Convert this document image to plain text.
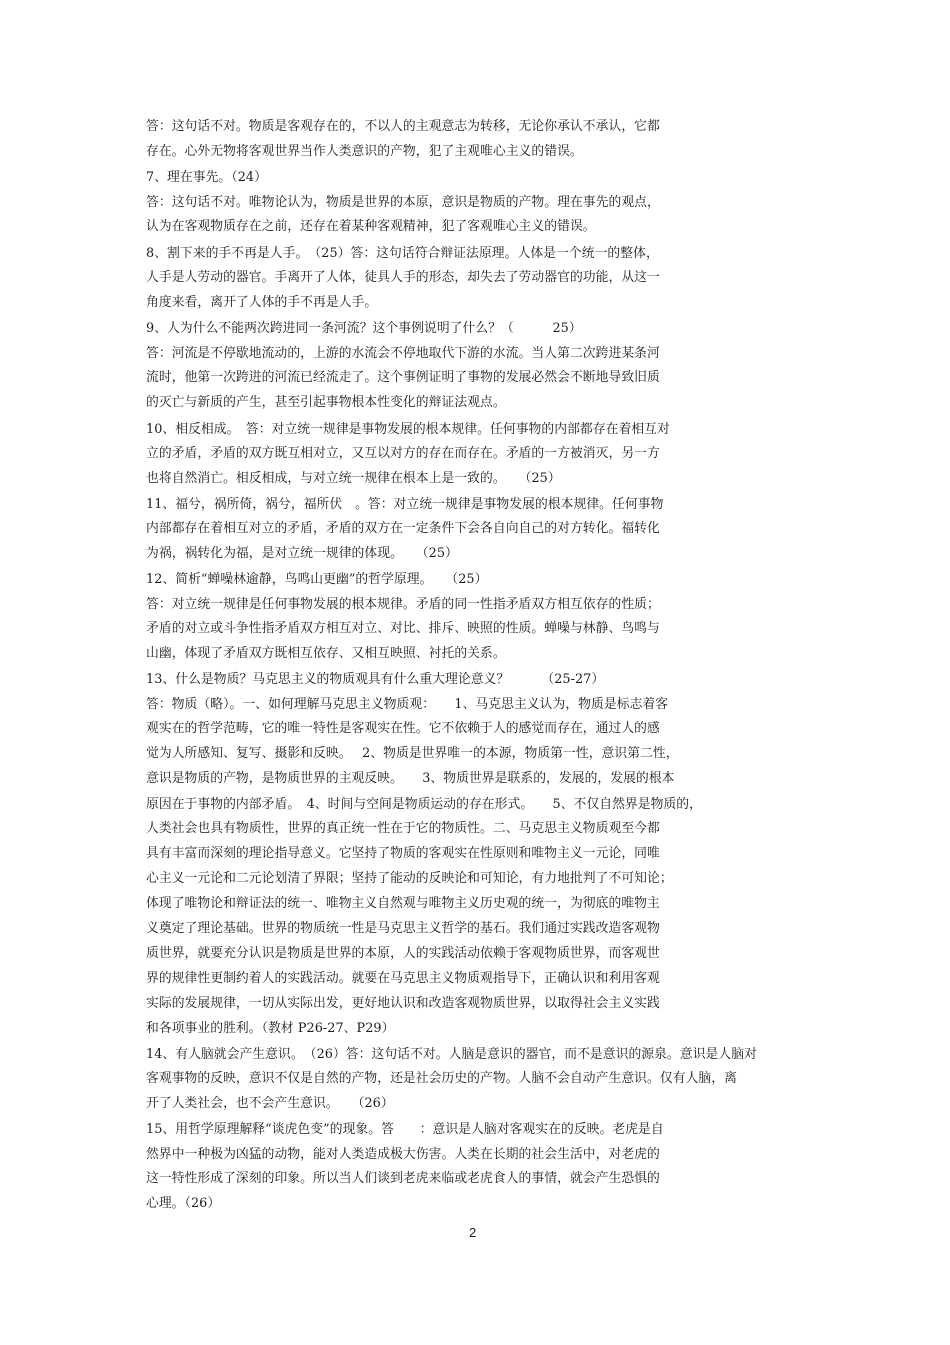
答：这句话不对。物质是客观存在的，不以人的主观意志为转移，无论你承认不承认，它都
存在。心外无物将客观世界当作人类意识的产物，犯了主观唯心主义的错误。
7、理在事先。（24）
答：这句话不对。唯物论认为，物质是世界的本原，意识是物质的产物。理在事先的观点，
认为在客观物质存在之前，还存在着某种客观精神，犯了客观唯心主义的错误。
8、割下来的手不再是人手。　（25）答：这句话符合辩证法原理。人体是一个统一的整体，
人手是人劳动的器官。手离开了人体，徒具人手的形态，却失去了劳动器官的功能，从这一
角度来看，离开了人体的手不再是人手。
9、人为什么不能两次跨进同一条河流？这个事例说明了什么？（　　　25）
答：河流是不停歇地流动的，上游的水流会不停地取代下游的水流。当人第二次跨进某条河
流时，他第一次跨进的河流已经流走了。这个事例证明了事物的发展必然会不断地导致旧质
的灭亡与新质的产生，甚至引起事物根本性变化的辩证法观点。
10、相反相成。　答：对立统一规律是事物发展的根本规律。任何事物的内部都存在着相互对
立的矛盾，矛盾的双方既互相对立，又互以对方的存在而存在。矛盾的一方被消灭，另一方
也将自然消亡。相反相成，与对立统一规律在根本上是一致的。　　（25）
11、福兮，祸所倚，祸兮，福所伏　。答：对立统一规律是事物发展的根本规律。任何事物
内部都存在着相互对立的矛盾，矛盾的双方在一定条件下会各自向自己的对方转化。福转化
为祸，祸转化为福，是对立统一规律的体现。　　（25）
12、简析“蝉噪林逾静，鸟鸣山更幽”的哲学原理。　　（25）
答：对立统一规律是任何事物发展的根本规律。矛盾的同一性指矛盾双方相互依存的性质；
矛盾的对立或斗争性指矛盾双方相互对立、对比、排斥、映照的性质。蝉噪与林静、鸟鸣与
山幽，体现了矛盾双方既相互依存、又相互映照、衬托的关系。
13、什么是物质？马克思主义的物质观具有什么重大理论意义？　　　（25-27）
答：物质（略）。一、如何理解马克思主义物质观：　　1、马克思主义认为，物质是标志着客
观实在的哲学范畴，它的唯一特性是客观实在性。它不依赖于人的感觉而存在，通过人的感
觉为人所感知、复写、摄影和反映。　 2、物质是世界唯一的本源，物质第一性，意识第二性，
意识是物质的产物，是物质世界的主观反映。　　3、物质世界是联系的，发展的，发展的根本
原因在于事物的内部矛盾。　4、时间与空间是物质运动的存在形式。　　5、不仅自然界是物质的，
人类社会也具有物质性，世界的真正统一性在于它的物质性。二、马克思主义物质观至今都
具有丰富而深刻的理论指导意义。它坚持了物质的客观实在性原则和唯物主义一元论，同唯
心主义一元论和二元论划清了界限；坚持了能动的反映论和可知论，有力地批判了不可知论；
体现了唯物论和辩证法的统一、唯物主义自然观与唯物主义历史观的统一，为彻底的唯物主
义奠定了理论基础。世界的物质统一性是马克思主义哲学的基石。我们通过实践改造客观物
质世界，就要充分认识是物质是世界的本原，人的实践活动依赖于客观物质世界，而客观世
界的规律性更制约着人的实践活动。就要在马克思主义物质观指导下，正确认识和利用客观
实际的发展规律，一切从实际出发，更好地认识和改造客观物质世界，以取得社会主义实践
和各项事业的胜利。（教材 P26-27、P29）
14、有人脑就会产生意识。　（26）答：这句话不对。人脑是意识的器官，而不是意识的源泉。意识是人脑对
客观事物的反映，意识不仅是自然的产物，还是社会历史的产物。人脑不会自动产生意识。仅有人脑，离
开了人类社会，也不会产生意识。　　（26）
15、用哲学原理解释“谈虎色变”的现象。答　　：意识是人脑对客观实在的反映。老虎是自
然界中一种极为凶猛的动物，能对人类造成极大伤害。人类在长期的社会生活中，对老虎的
这一特性形成了深刻的印象。所以当人们谈到老虎来临或老虎食人的事情，就会产生恐惧的
心理。（26）
2
